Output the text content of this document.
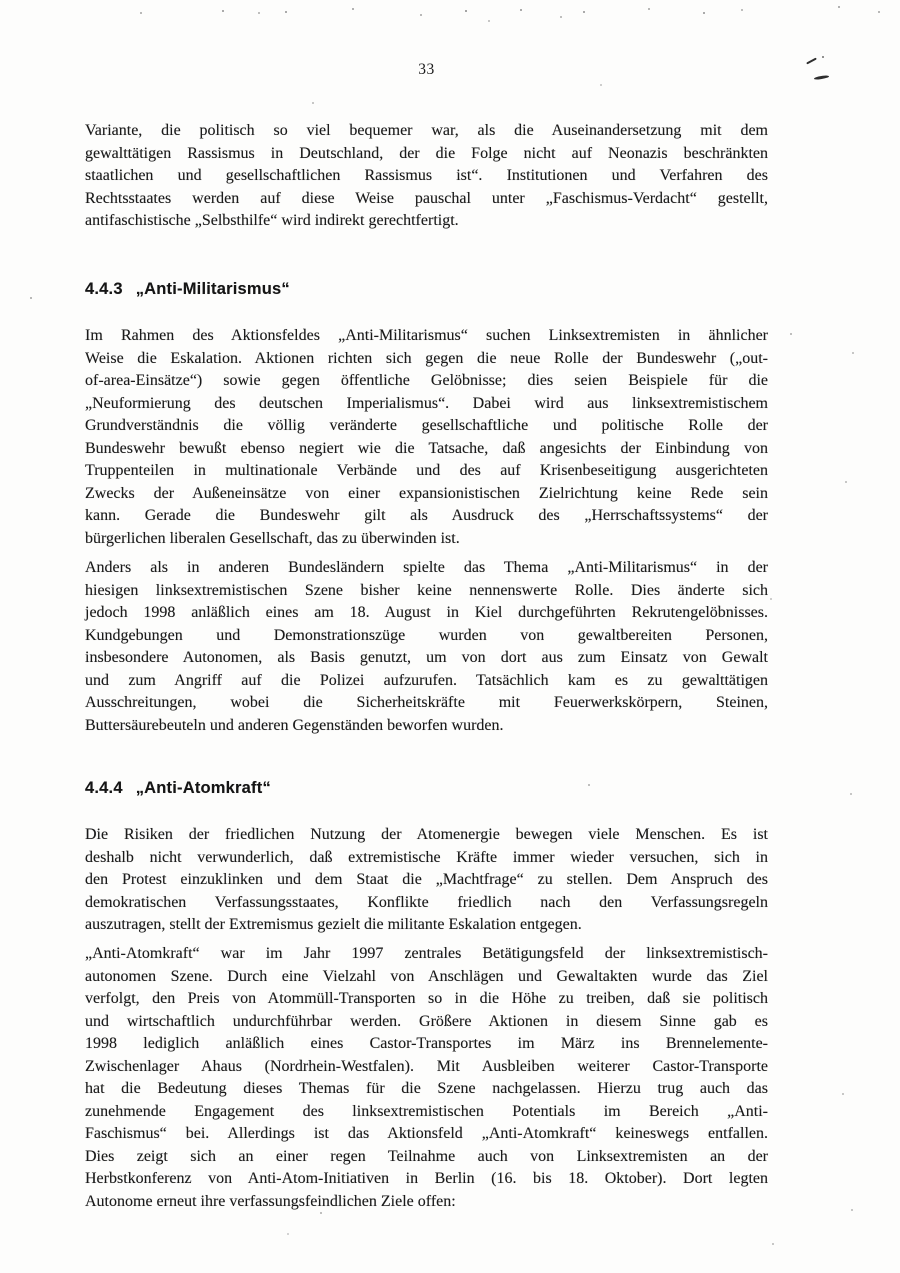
33
Variante, die politisch so viel bequemer war, als die Auseinandersetzung mit dem
gewalttätigen Rassismus in Deutschland, der die Folge nicht auf Neonazis beschränkten
staatlichen und gesellschaftlichen Rassismus ist“. Institutionen und Verfahren des
Rechtsstaates werden auf diese Weise pauschal unter „Faschismus-Verdacht“ gestellt,
antifaschistische „Selbsthilfe“ wird indirekt gerechtfertigt.
4.4.3 „Anti-Militarismus“
Im Rahmen des Aktionsfeldes „Anti-Militarismus“ suchen Linksextremisten in ähnlicher
Weise die Eskalation. Aktionen richten sich gegen die neue Rolle der Bundeswehr („out-
of-area-Einsätze“) sowie gegen öffentliche Gelöbnisse; dies seien Beispiele für die
„Neuformierung des deutschen Imperialismus“. Dabei wird aus linksextremistischem
Grundverständnis die völlig veränderte gesellschaftliche und politische Rolle der
Bundeswehr bewußt ebenso negiert wie die Tatsache, daß angesichts der Einbindung von
Truppenteilen in multinationale Verbände und des auf Krisenbeseitigung ausgerichteten
Zwecks der Außeneinsätze von einer expansionistischen Zielrichtung keine Rede sein
kann. Gerade die Bundeswehr gilt als Ausdruck des „Herrschaftssystems“ der
bürgerlichen liberalen Gesellschaft, das zu überwinden ist.
Anders als in anderen Bundesländern spielte das Thema „Anti-Militarismus“ in der
hiesigen linksextremistischen Szene bisher keine nennenswerte Rolle. Dies änderte sich
jedoch 1998 anläßlich eines am 18. August in Kiel durchgeführten Rekrutengelöbnisses.
Kundgebungen und Demonstrationszüge wurden von gewaltbereiten Personen,
insbesondere Autonomen, als Basis genutzt, um von dort aus zum Einsatz von Gewalt
und zum Angriff auf die Polizei aufzurufen. Tatsächlich kam es zu gewalttätigen
Ausschreitungen, wobei die Sicherheitskräfte mit Feuerwerkskörpern, Steinen,
Buttersäurebeuteln und anderen Gegenständen beworfen wurden.
4.4.4 „Anti-Atomkraft“
Die Risiken der friedlichen Nutzung der Atomenergie bewegen viele Menschen. Es ist
deshalb nicht verwunderlich, daß extremistische Kräfte immer wieder versuchen, sich in
den Protest einzuklinken und dem Staat die „Machtfrage“ zu stellen. Dem Anspruch des
demokratischen Verfassungsstaates, Konflikte friedlich nach den Verfassungsregeln
auszutragen, stellt der Extremismus gezielt die militante Eskalation entgegen.
„Anti-Atomkraft“ war im Jahr 1997 zentrales Betätigungsfeld der linksextremistisch-
autonomen Szene. Durch eine Vielzahl von Anschlägen und Gewaltakten wurde das Ziel
verfolgt, den Preis von Atommüll-Transporten so in die Höhe zu treiben, daß sie politisch
und wirtschaftlich undurchführbar werden. Größere Aktionen in diesem Sinne gab es
1998 lediglich anläßlich eines Castor-Transportes im März ins Brennelemente-
Zwischenlager Ahaus (Nordrhein-Westfalen). Mit Ausbleiben weiterer Castor-Transporte
hat die Bedeutung dieses Themas für die Szene nachgelassen. Hierzu trug auch das
zunehmende Engagement des linksextremistischen Potentials im Bereich „Anti-
Faschismus“ bei. Allerdings ist das Aktionsfeld „Anti-Atomkraft“ keineswegs entfallen.
Dies zeigt sich an einer regen Teilnahme auch von Linksextremisten an der
Herbstkonferenz von Anti-Atom-Initiativen in Berlin (16. bis 18. Oktober). Dort legten
Autonome erneut ihre verfassungsfeindlichen Ziele offen:
